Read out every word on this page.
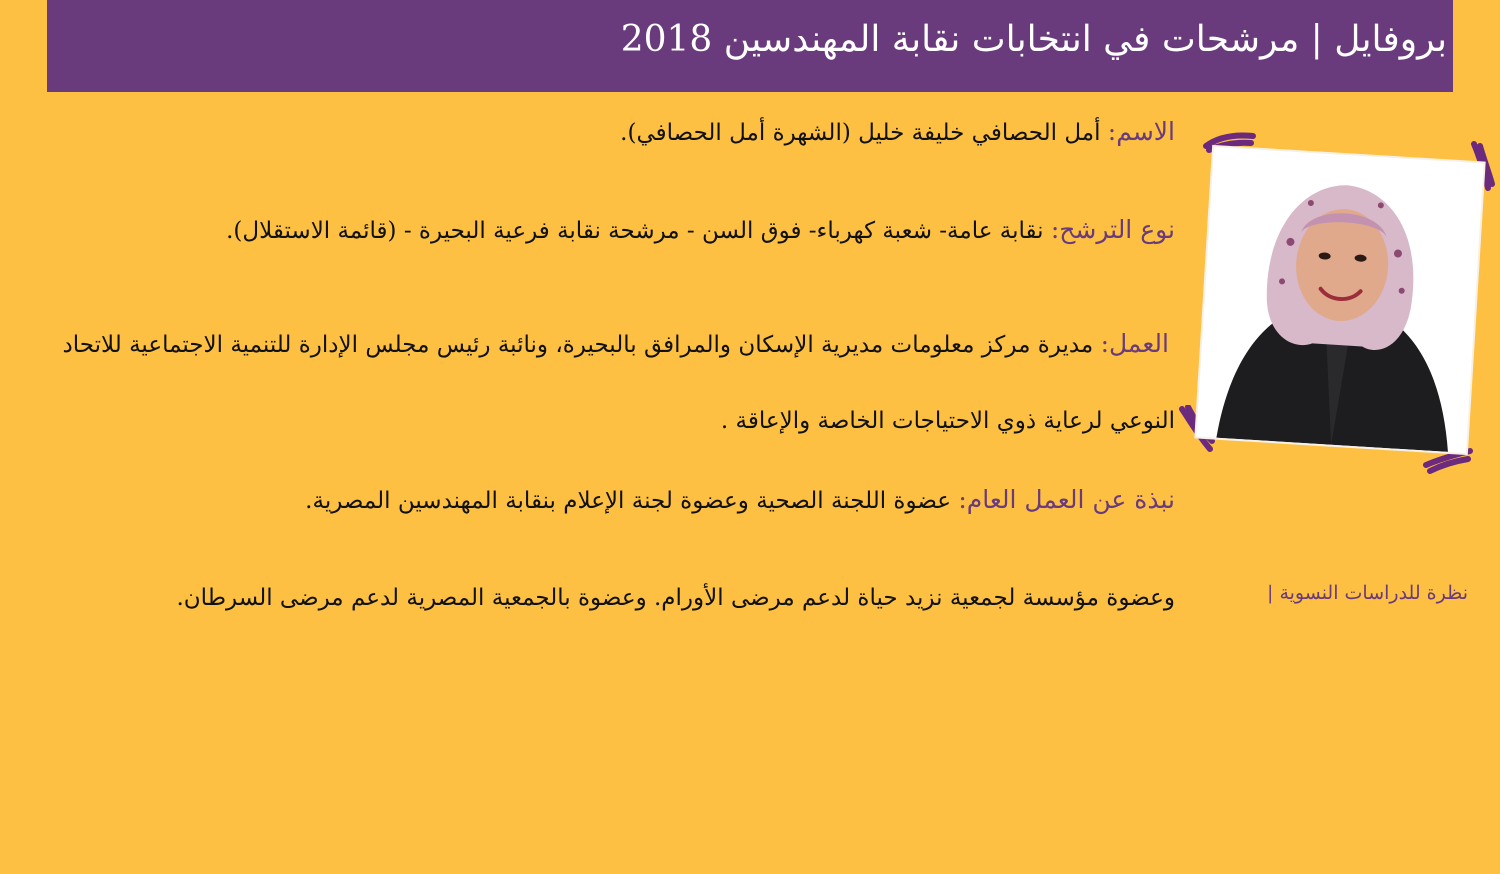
بروفايل | مرشحات في انتخابات نقابة المهندسين 2018
الاسم: أمل الحصافي خليفة خليل (الشهرة أمل الحصافي).
نوع الترشح: نقابة عامة- شعبة كهرباء- فوق السن - مرشحة نقابة فرعية البحيرة - (قائمة الاستقلال).
العمل: مديرة مركز معلومات مديرية الإسكان والمرافق بالبحيرة، ونائبة رئيس مجلس الإدارة للتنمية الاجتماعية للاتحاد النوعي لرعاية ذوي الاحتياجات الخاصة والإعاقة .
نبذة عن العمل العام: عضوة اللجنة الصحية وعضوة لجنة الإعلام بنقابة المهندسين المصرية.
وعضوة مؤسسة لجمعية نزيد حياة لدعم مرضى الأورام. وعضوة بالجمعية المصرية لدعم مرضى السرطان.	نظرة للدراسات النسوية |
